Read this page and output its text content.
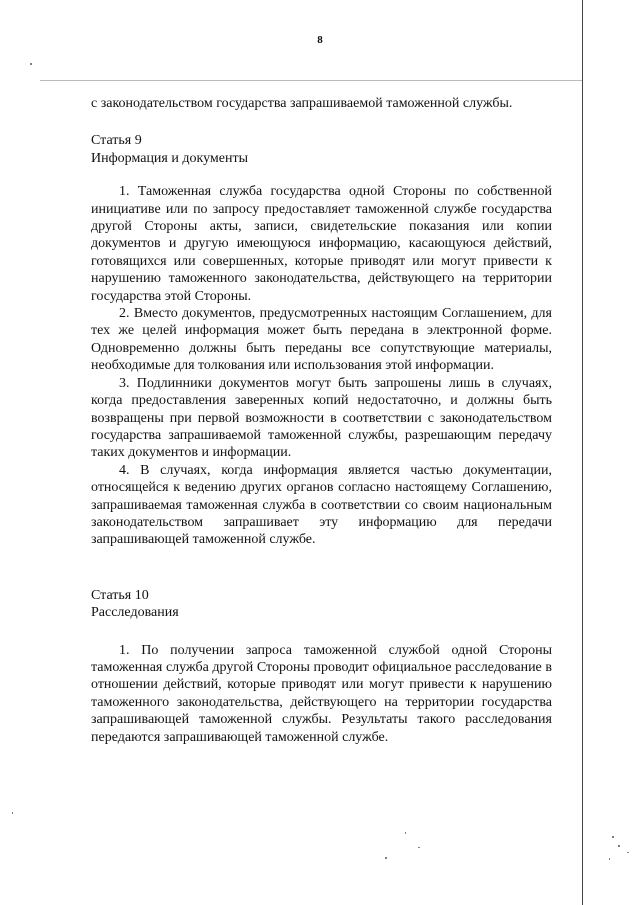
8

с законодательством государства запрашиваемой таможенной службы.

Статья 9

Информация и документы

1. Таможенная служба государства одной Стороны по собственной инициативе или по запросу предоставляет таможенной службе государства другой Стороны акты, записи, свидетельские показания или копии документов и другую имеющуюся информацию, касающуюся действий, готовящихся или совершенных, которые приводят или могут привести к нарушению таможенного законодательства, действующего на территории государства этой Стороны.

2. Вместо документов, предусмотренных настоящим Соглашением, для тех же целей информация может быть передана в электронной форме. Одновременно должны быть переданы все сопутствующие материалы, необходимые для толкования или использования этой информации.

3. Подлинники документов могут быть запрошены лишь в случаях, когда предоставления заверенных копий недостаточно, и должны быть возвращены при первой возможности в соответствии с законодательством государства запрашиваемой таможенной службы, разрешающим передачу таких документов и информации.

4. В случаях, когда информация является частью документации, относящейся к ведению других органов согласно настоящему Соглашению, запрашиваемая таможенная служба в соответствии со своим национальным законодательством запрашивает эту информацию для передачи запрашивающей таможенной службе.

Статья 10

Расследования

1. По получении запроса таможенной службой одной Стороны таможенная служба другой Стороны проводит официальное расследование в отношении действий, которые приводят или могут привести к нарушению таможенного законодательства, действующего на территории государства запрашивающей таможенной службы. Результаты такого расследования передаются запрашивающей таможенной службе.
